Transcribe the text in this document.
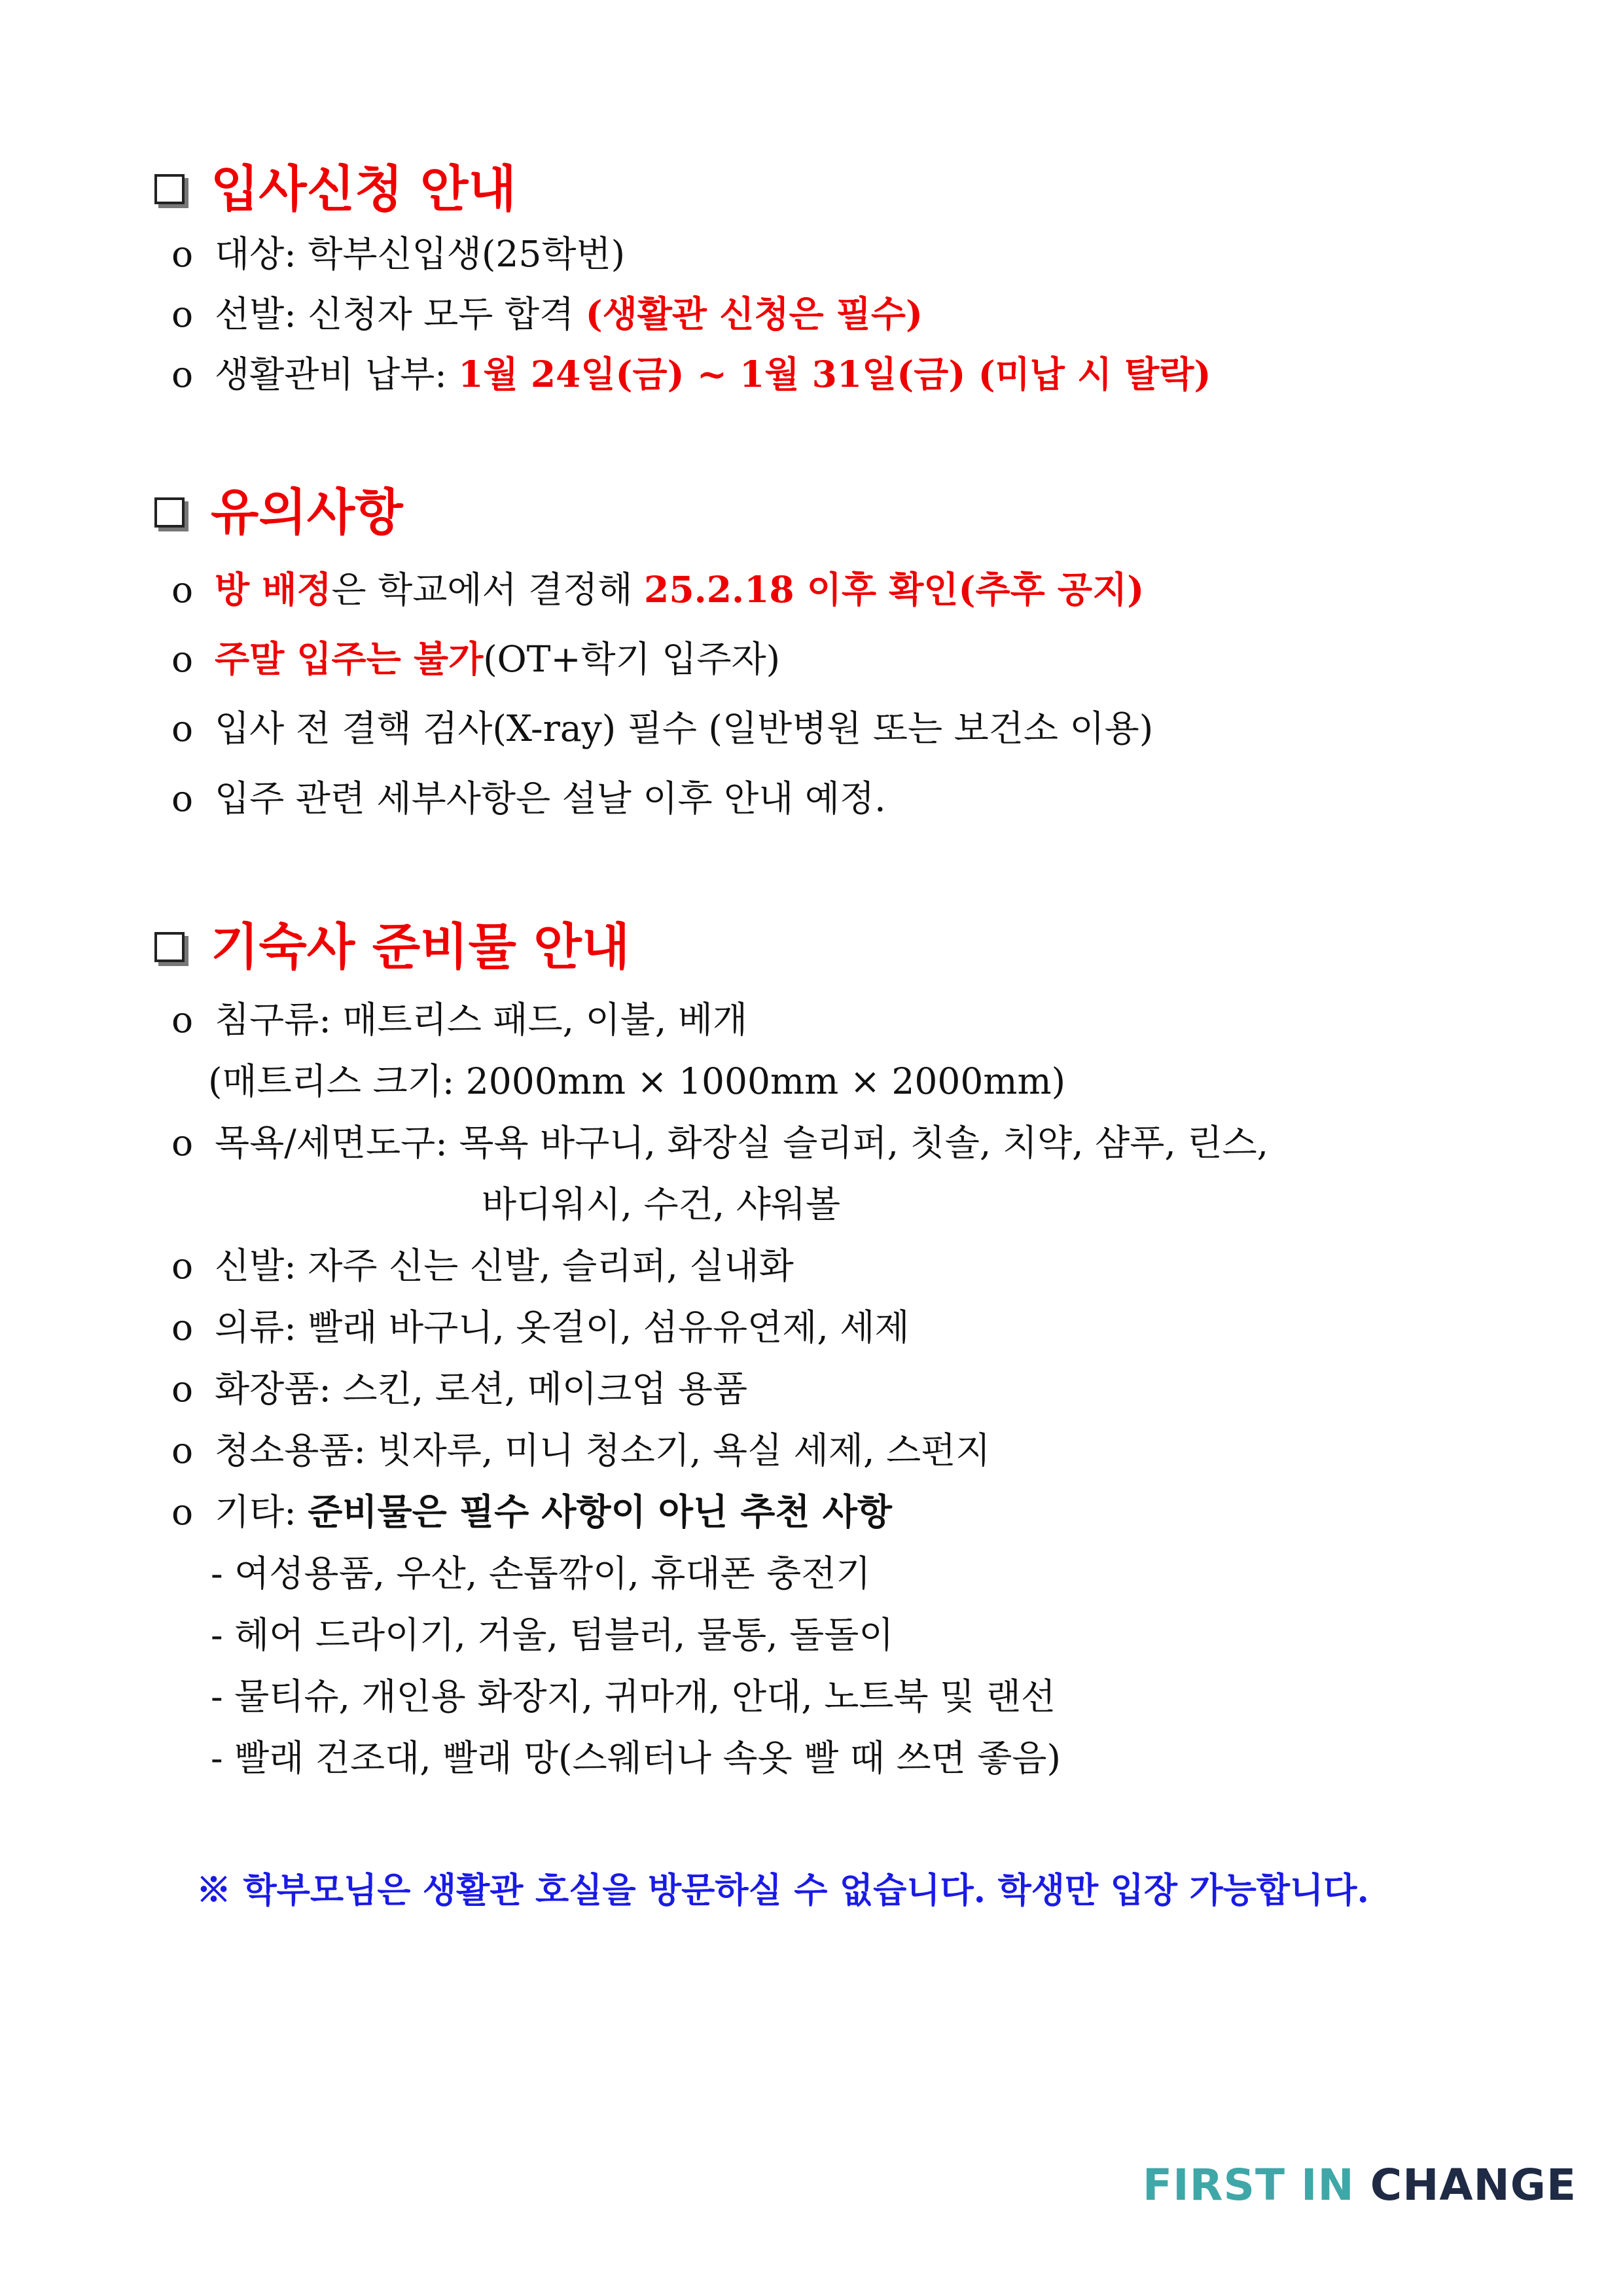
입사신청 안내
o 대상: 학부신입생(25학번)
o 선발: 신청자 모두 합격 (생활관 신청은 필수)
o 생활관비 납부: 1월 24일(금) ~ 1월 31일(금) (미납 시 탈락)
유의사항
o 방 배정은 학교에서 결정해 25.2.18 이후 확인(추후 공지)
o 주말 입주는 불가(OT+학기 입주자)
o 입사 전 결핵 검사(X-ray) 필수 (일반병원 또는 보건소 이용)
o 입주 관련 세부사항은 설날 이후 안내 예정.
기숙사 준비물 안내
o 침구류: 매트리스 패드, 이불, 베개
(매트리스 크기: 2000mm × 1000mm × 2000mm)
o 목욕/세면도구: 목욕 바구니, 화장실 슬리퍼, 칫솔, 치약, 샴푸, 린스,
바디워시, 수건, 샤워볼
o 신발: 자주 신는 신발, 슬리퍼, 실내화
o 의류: 빨래 바구니, 옷걸이, 섬유유연제, 세제
o 화장품: 스킨, 로션, 메이크업 용품
o 청소용품: 빗자루, 미니 청소기, 욕실 세제, 스펀지
o 기타: 준비물은 필수 사항이 아닌 추천 사항
- 여성용품, 우산, 손톱깎이, 휴대폰 충전기
- 헤어 드라이기, 거울, 텀블러, 물통, 돌돌이
- 물티슈, 개인용 화장지, 귀마개, 안대, 노트북 및 랜선
- 빨래 건조대, 빨래 망(스웨터나 속옷 빨 때 쓰면 좋음)
※ 학부모님은 생활관 호실을 방문하실 수 없습니다. 학생만 입장 가능합니다.
FIRST IN CHANGE
